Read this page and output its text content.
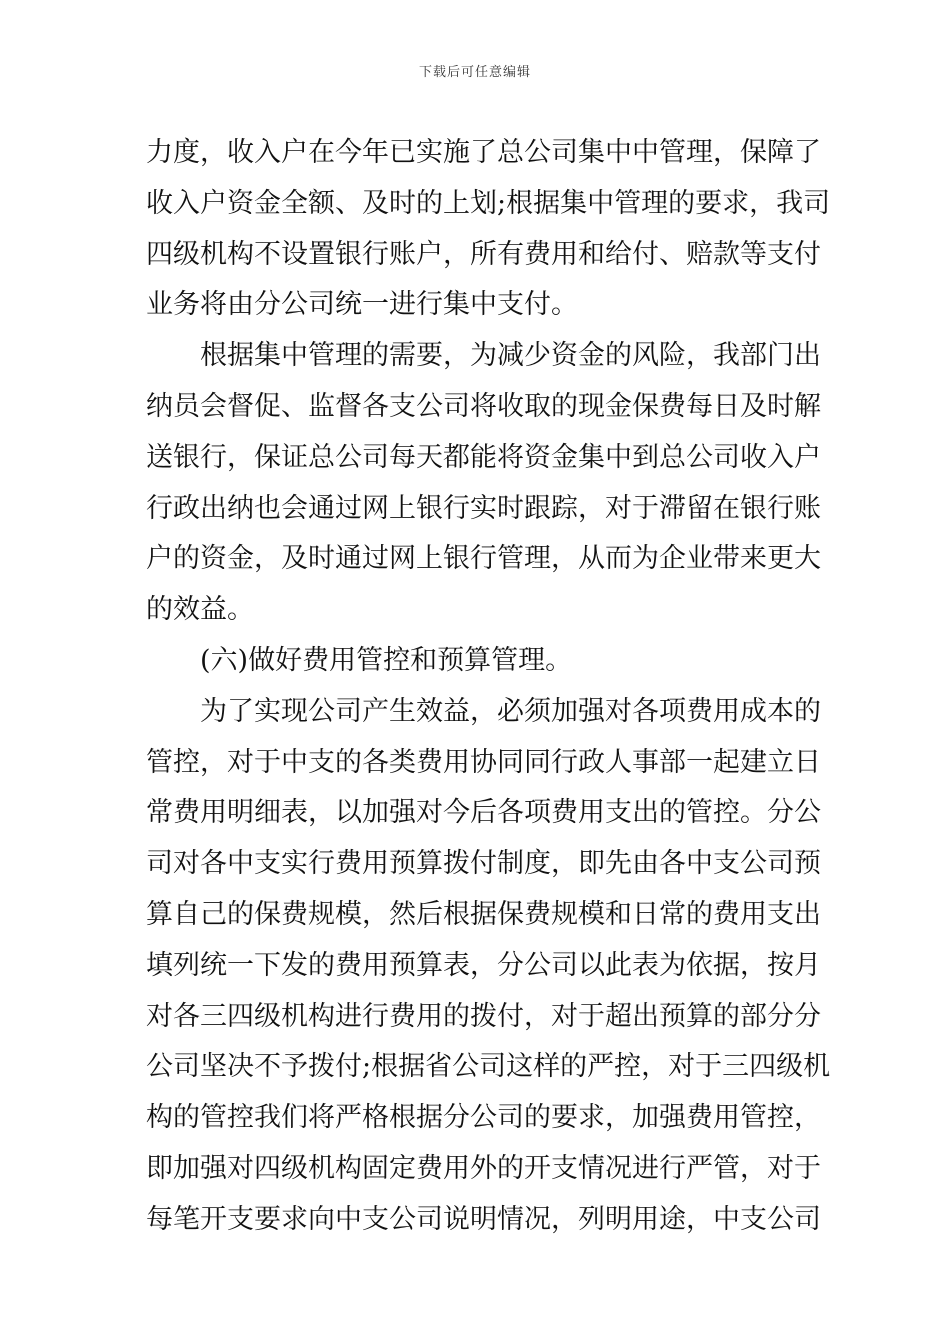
下载后可任意编辑
力度，收入户在今年已实施了总公司集中中管理，保障了
收入户资金全额、及时的上划;根据集中管理的要求，我司
四级机构不设置银行账户，所有费用和给付、赔款等支付
业务将由分公司统一进行集中支付。
根据集中管理的需要，为减少资金的风险，我部门出
纳员会督促、监督各支公司将收取的现金保费每日及时解
送银行，保证总公司每天都能将资金集中到总公司收入户
行政出纳也会通过网上银行实时跟踪，对于滞留在银行账
户的资金，及时通过网上银行管理，从而为企业带来更大
的效益。
(六)做好费用管控和预算管理。
为了实现公司产生效益，必须加强对各项费用成本的
管控，对于中支的各类费用协同同行政人事部一起建立日
常费用明细表，以加强对今后各项费用支出的管控。分公
司对各中支实行费用预算拨付制度，即先由各中支公司预
算自己的保费规模，然后根据保费规模和日常的费用支出
填列统一下发的费用预算表，分公司以此表为依据，按月
对各三四级机构进行费用的拨付，对于超出预算的部分分
公司坚决不予拨付;根据省公司这样的严控，对于三四级机
构的管控我们将严格根据分公司的要求，加强费用管控，
即加强对四级机构固定费用外的开支情况进行严管，对于
每笔开支要求向中支公司说明情况，列明用途，中支公司
